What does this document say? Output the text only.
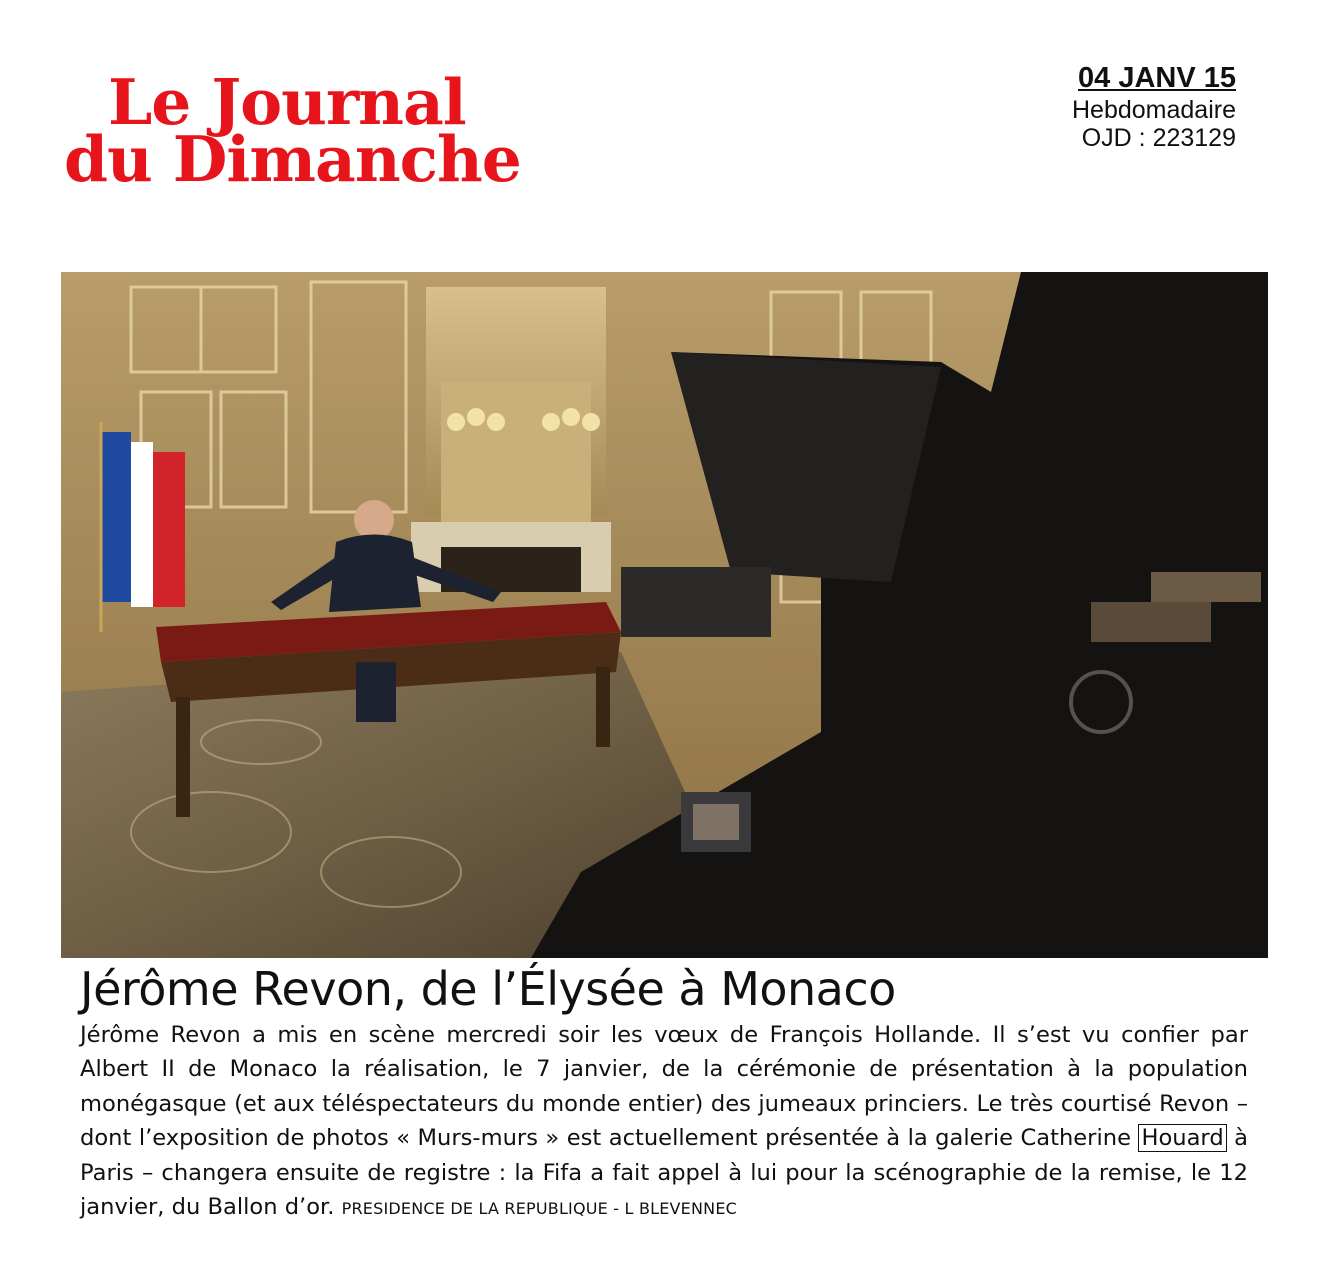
Le Journal
du Dimanche
04 JANV 15
Hebdomadaire
OJD : 223129
Jérôme Revon, de l’Élysée à Monaco
Jérôme Revon a mis en scène mercredi soir les vœux de François Hollande. Il s’est vu confier par Albert II de Monaco la réalisation, le 7 janvier, de la cérémonie de présentation à la population monégasque (et aux téléspectateurs du monde entier) des jumeaux princiers. Le très courtisé Revon – dont l’exposition de photos « Murs-murs » est actuellement présentée à la galerie Catherine Houard à Paris – changera ensuite de registre : la Fifa a fait appel à lui pour la scénographie de la remise, le 12 janvier, du Ballon d’or. PRESIDENCE DE LA REPUBLIQUE - L BLEVENNEC
